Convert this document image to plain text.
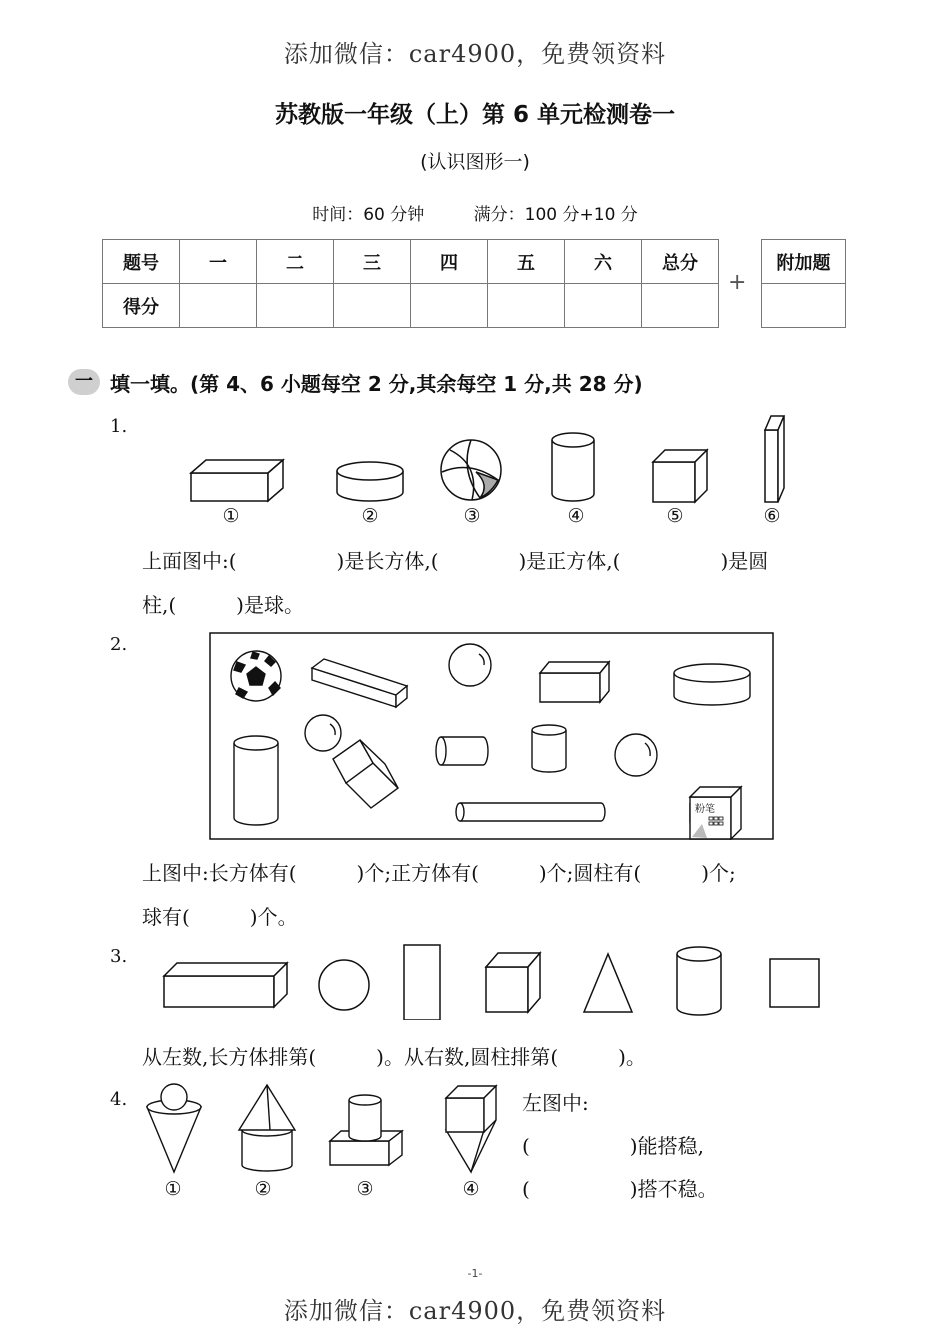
添加微信：car4900，免费领资料
添加微信：car4900，免费领资料
苏教版一年级（上）第 6 单元检测卷一
(认识图形一)
时间：60 分钟	满分：100 分+10 分
题号	一	二	三	四	五	六	总分
得分							
+
附加题

一 填一填。(第 4、6 小题每空 2 分,其余每空 1 分,共 28 分)
1.
①	②	③	④	⑤	⑥
上面图中:(　　　　　)是长方体,(　　　　)是正方体,(　　　　　)是圆
柱,(　　　)是球。
2.
粉笔
上图中:长方体有(　　　)个;正方体有(　　　)个;圆柱有(　　　)个;
球有(　　　)个。
3.
从左数,长方体排第(　　　)。从右数,圆柱排第(　　　)。
4.
①	②	③	④
左图中:
(　　　　　)能搭稳,
(　　　　　)搭不稳。
-1-
